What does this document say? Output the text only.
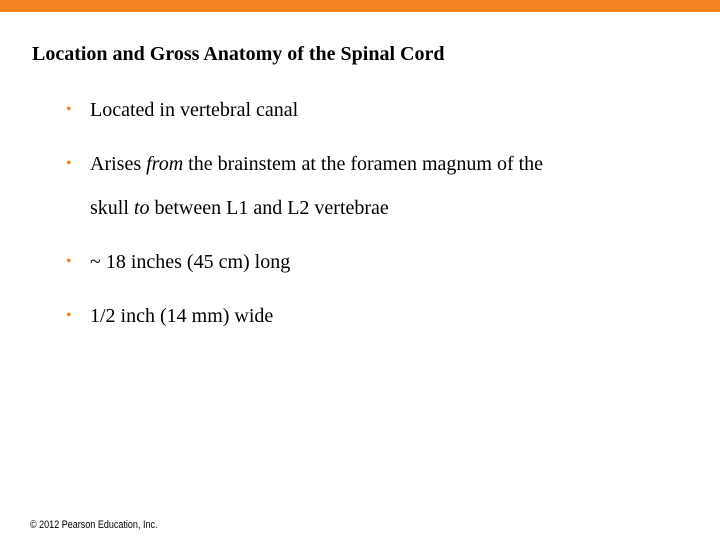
Location and Gross Anatomy of the Spinal Cord
• Located in vertebral canal
• Arises from the brainstem at the foramen magnum of the
skull to between L1 and L2 vertebrae
• ~ 18 inches (45 cm) long
• 1/2 inch (14 mm) wide
© 2012 Pearson Education, Inc.
